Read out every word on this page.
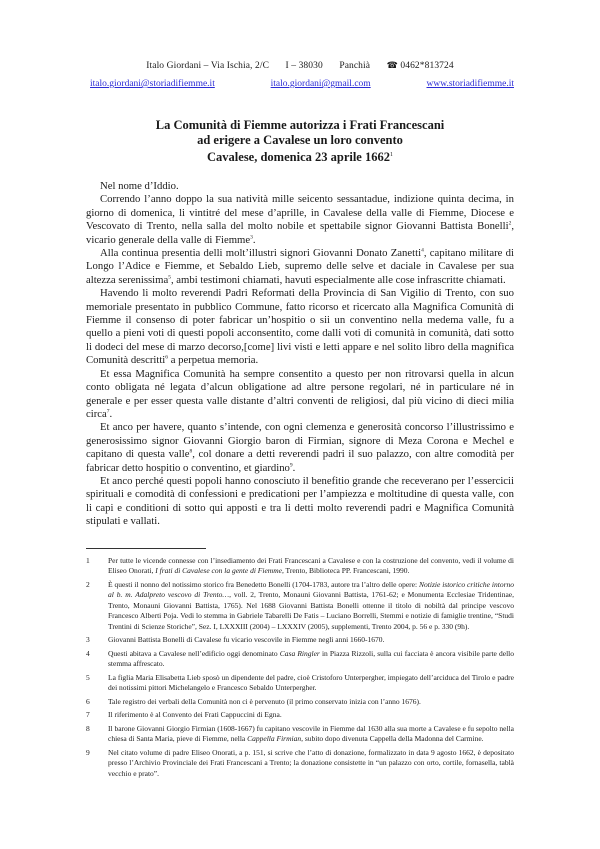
Italo Giordani – Via Ischia, 2/C I – 38030 Panchià ☎ 0462*813724
italo.giordani@storiadifiemme.it	italo.giordani@gmail.com	www.storiadifiemme.it
La Comunità di Fiemme autorizza i Frati Francescani
ad erigere a Cavalese un loro convento
Cavalese, domenica 23 aprile 1662$^1$

Nel nome d’Iddio.

Correndo l’anno doppo la sua natività mille seicento sessantadue, indizione quinta decima, in giorno di domenica, li vintitré del mese d’aprille, in Cavalese della valle di Fiemme, Diocese e Vescovato di Trento, nella salla del molto nobile et spettabile signor Giovanni Battista Bonelli$^2$, vicario generale della valle di Fiemme$^3$.

Alla continua presentia delli molt’illustri signori Giovanni Donato Zanetti$^4$, capitano militare di Longo l’Adice e Fiemme, et Sebaldo Lieb, supremo delle selve et daciale in Cavalese per sua altezza serenissima$^5$, ambi testimoni chiamati, havuti especialmente alle cose infrascritte chiamati.

Havendo li molto reverendi Padri Reformati della Provincia di San Vigilio di Trento, con suo memoriale presentato in pubblico Commune, fatto ricorso et ricercato alla Magnifica Comunità di Fiemme il consenso di poter fabricar un’hospitio o sii un conventino nella medema valle, fu a quello a pieni voti di questi popoli acconsentito, come dalli voti di comunità in comunità, dati sotto li dodeci del mese di marzo decorso,[come] livi visti e letti appare e nel solito libro della magnifica Comunità descritti$^6$ a perpetua memoria.

Et essa Magnifica Comunità ha sempre consentito a questo per non ritrovarsi quella in alcun conto obligata né legata d’alcun obligatione ad altre persone regolari, né in particulare né in generale e per esser questa valle distante d’altri conventi de religiosi, dal più vicino di dieci milia circa$^7$.

Et anco per havere, quanto s’intende, con ogni clemenza e generosità concorso l’illustrissimo e generosissimo signor Giovanni Giorgio baron di Firmian, signore di Meza Corona e Mechel e capitano di questa valle$^8$, col donare a detti reverendi padri il suo palazzo, con altre comodità per fabricar detto hospitio o conventino, et giardino$^9$.

Et anco perché questi popoli hanno conosciuto il benefitio grande che receverano per l’essercicii spirituali e comodità di confessioni e predicationi per l’ampiezza e moltitudine di questa valle, con li capi e conditioni di sotto qui apposti e tra li detti molto reverendi padri e Magnifica Comunità stipulati e vallati.

1	Per tutte le vicende connesse con l’insediamento dei Frati Francescani a Cavalese e con la costruzione del convento, vedi il volume di Eliseo Onorati, I frati di Cavalese con la gente di Fiemme, Trento, Biblioteca PP. Francescani, 1990.
2	È questi il nonno del notissimo storico fra Benedetto Bonelli (1704-1783, autore tra l’altro delle opere: Notizie istorico critiche intorno al b. m. Adalpreto vescovo di Trento…, voll. 2, Trento, Monauni Giovanni Battista, 1761-62; e Monumenta Ecclesiae Tridentinae, Trento, Monauni Giovanni Battista, 1765). Nel 1688 Giovanni Battista Bonelli ottenne il titolo di nobiltà dal principe vescovo Francesco Alberti Poja. Vedi lo stemma in Gabriele Tabarelli De Fatis – Luciano Borrelli, Stemmi e notizie di famiglie trentine, “Studi Trentini di Scienze Storiche”, Sez. I, LXXXIII (2004) – LXXXIV (2005), supplementi, Trento 2004, p. 56 e p. 330 (9h).
3	Giovanni Battista Bonelli di Cavalese fu vicario vescovile in Fiemme negli anni 1660-1670.
4	Questi abitava a Cavalese nell’edificio oggi denominato Casa Ringler in Piazza Rizzoli, sulla cui facciata è ancora visibile parte dello stemma affrescato.
5	La figlia Maria Elisabetta Lieb sposò un dipendente del padre, cioè Cristoforo Unterpergher, impiegato dell’arciduca del Tirolo e padre dei notissimi pittori Michelangelo e Francesco Sebaldo Unterpergher.
6	Tale registro dei verbali della Comunità non ci è pervenuto (il primo conservato inizia con l’anno 1676).
7	Il riferimento è al Convento dei Frati Cappuccini di Egna.
8	Il barone Giovanni Giorgio Firmian (1608-1667) fu capitano vescovile in Fiemme dal 1630 alla sua morte a Cavalese e fu sepolto nella chiesa di Santa Maria, pieve di Fiemme, nella Cappella Firmian, subito dopo divenuta Cappella della Madonna del Carmine.
9	Nel citato volume di padre Eliseo Onorati, a p. 151, si scrive che l’atto di donazione, formalizzato in data 9 agosto 1662, è depositato presso l’Archivio Provinciale dei Frati Francescani a Trento; la donazione consistette in “un palazzo con orto, cortile, fornasella, tablà vecchio e prato”.
